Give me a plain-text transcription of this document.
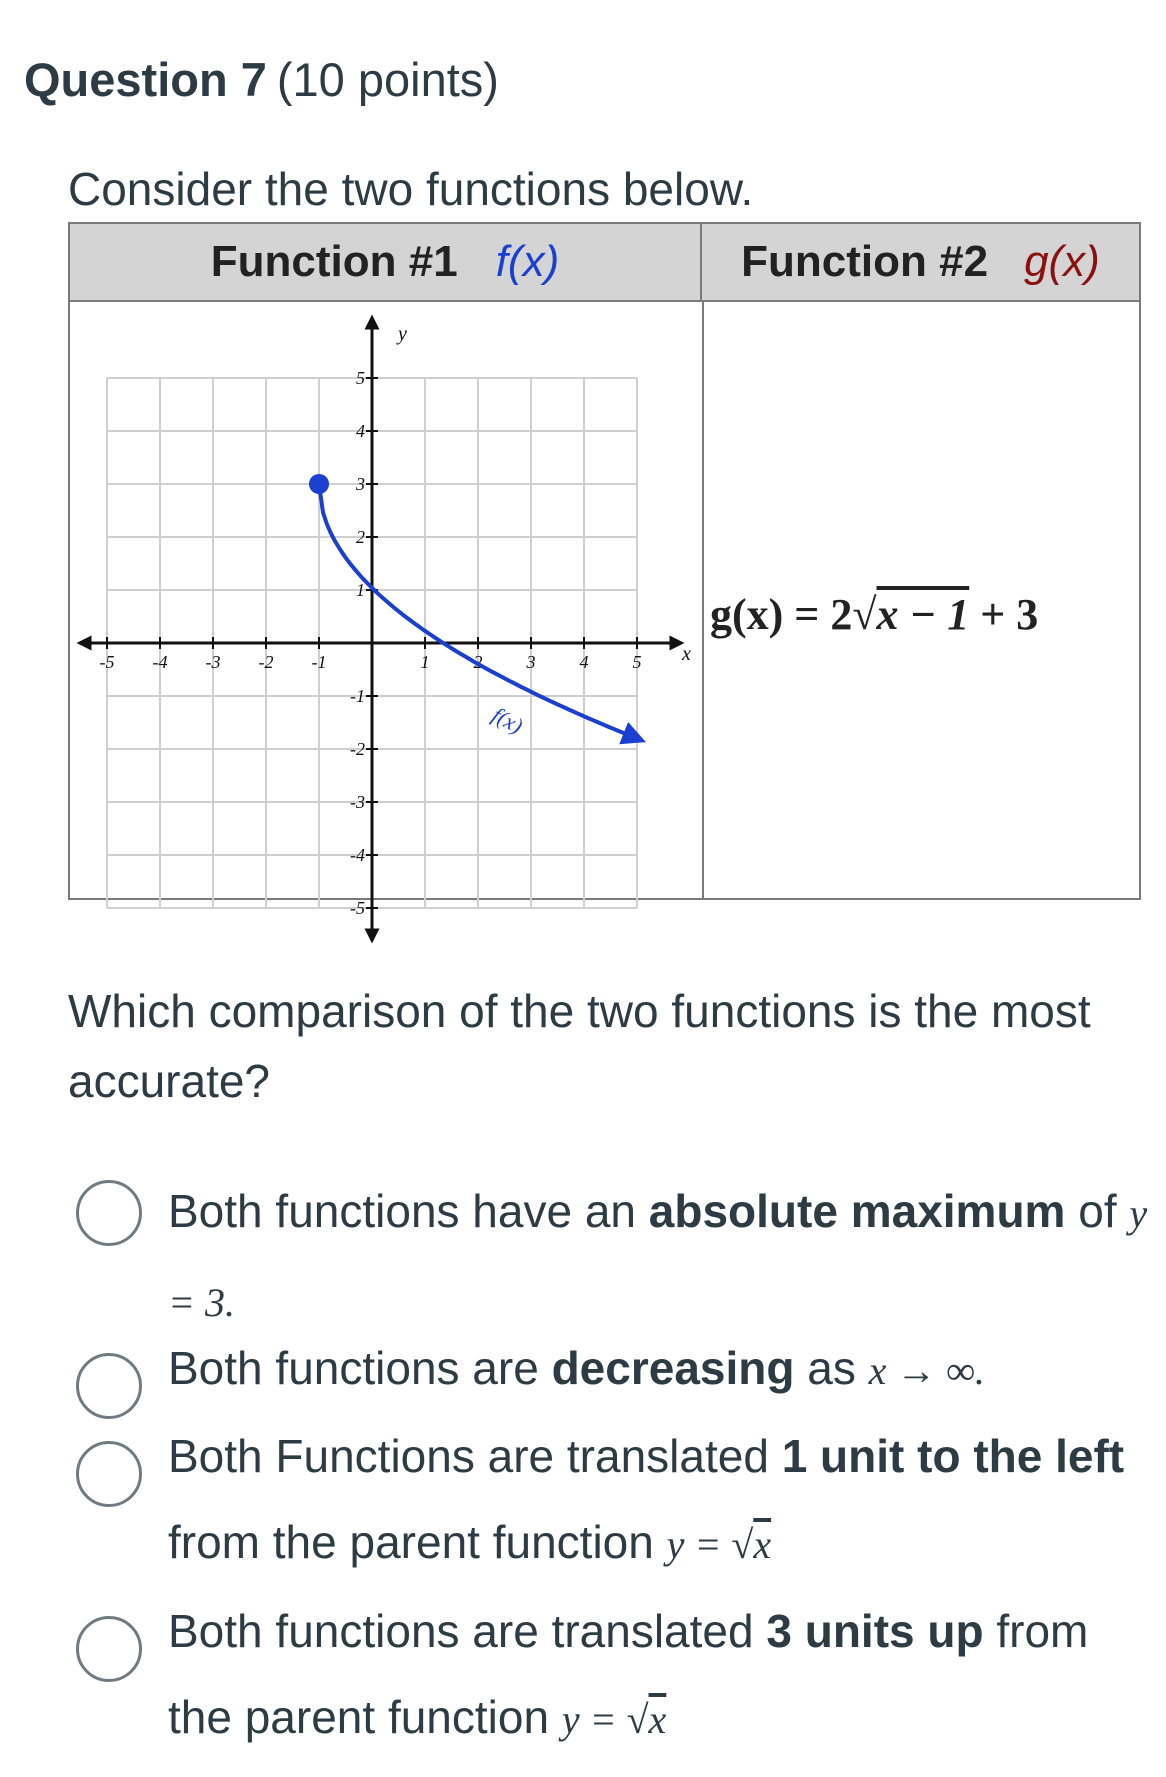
Question 7 (10 points)
Consider the two functions below.
Function #1 f(x)	Function #2 g(x)
-5 -4 -3 -2 -1	1 2 3 4 5
5
4
3
2
1
-1
-2
-3
-4
-5
x
y
f(x)
g(x) = 2√x − 1 + 3
Which comparison of the two functions is the most accurate?
Both functions have an absolute maximum of y = 3.
Both functions are decreasing as x → ∞.
Both Functions are translated 1 unit to the left from the parent function y = √x
Both functions are translated 3 units up from the parent function y = √x
